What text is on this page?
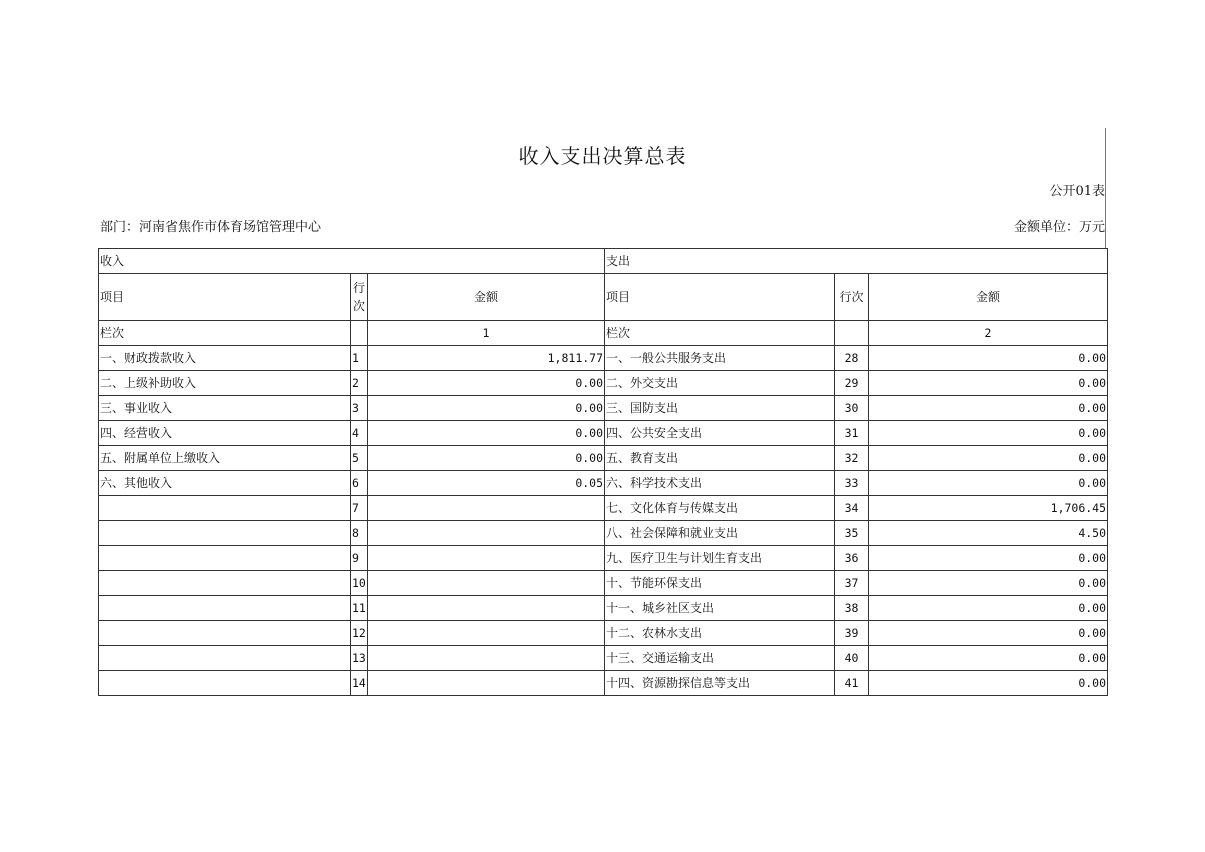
收入支出决算总表
公开01表
部门：河南省焦作市体育场馆管理中心	金额单位：万元
收入			支出		
项目	行次	金额	项目	行次	金额
栏次		1	栏次		2
一、财政拨款收入	1	1,811.77	一、一般公共服务支出	28	0.00
二、上级补助收入	2	0.00	二、外交支出	29	0.00
三、事业收入	3	0.00	三、国防支出	30	0.00
四、经营收入	4	0.00	四、公共安全支出	31	0.00
五、附属单位上缴收入	5	0.00	五、教育支出	32	0.00
六、其他收入	6	0.05	六、科学技术支出	33	0.00
	7		七、文化体育与传媒支出	34	1,706.45
	8		八、社会保障和就业支出	35	4.50
	9		九、医疗卫生与计划生育支出	36	0.00
	10		十、节能环保支出	37	0.00
	11		十一、城乡社区支出	38	0.00
	12		十二、农林水支出	39	0.00
	13		十三、交通运输支出	40	0.00
	14		十四、资源勘探信息等支出	41	0.00
